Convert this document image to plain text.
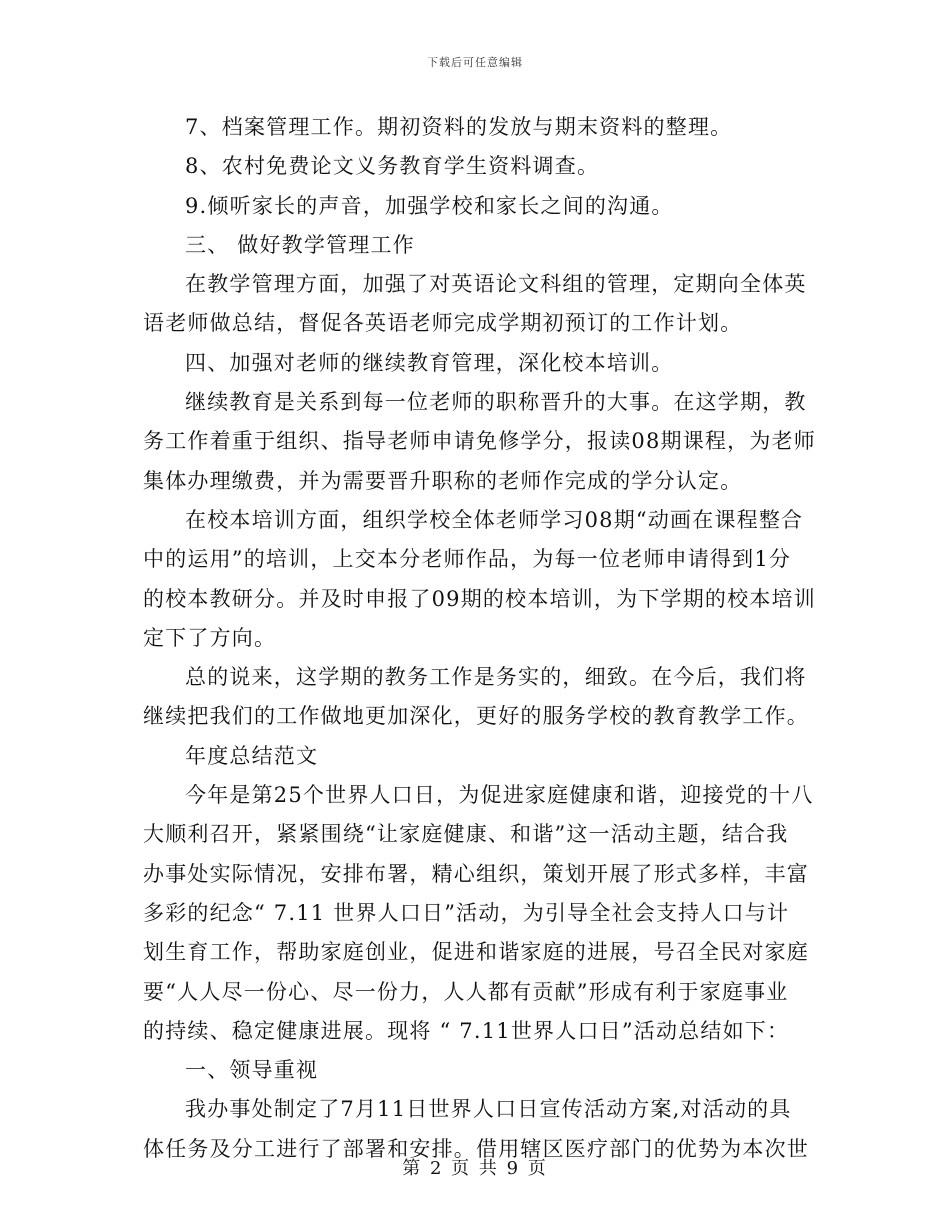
下载后可任意编辑
7、档案管理工作。期初资料的发放与期末资料的整理。
8、农村免费论文义务教育学生资料调查。
9.倾听家长的声音，加强学校和家长之间的沟通。
三、 做好教学管理工作
在教学管理方面，加强了对英语论文科组的管理，定期向全体英
语老师做总结，督促各英语老师完成学期初预订的工作计划。
四、加强对老师的继续教育管理，深化校本培训。
继续教育是关系到每一位老师的职称晋升的大事。在这学期，教
务工作着重于组织、指导老师申请免修学分，报读08期课程，为老师
集体办理缴费，并为需要晋升职称的老师作完成的学分认定。
在校本培训方面，组织学校全体老师学习08期“动画在课程整合
中的运用”的培训，上交本分老师作品，为每一位老师申请得到1分
的校本教研分。并及时申报了09期的校本培训，为下学期的校本培训
定下了方向。
总的说来，这学期的教务工作是务实的，细致。在今后，我们将
继续把我们的工作做地更加深化，更好的服务学校的教育教学工作。
年度总结范文
今年是第25个世界人口日，为促进家庭健康和谐，迎接党的十八
大顺利召开，紧紧围绕“让家庭健康、和谐”这一活动主题，结合我
办事处实际情况，安排布署，精心组织，策划开展了形式多样，丰富
多彩的纪念“ 7.11 世界人口日”活动，为引导全社会支持人口与计
划生育工作，帮助家庭创业，促进和谐家庭的进展，号召全民对家庭
要“人人尽一份心、尽一份力，人人都有贡献”形成有利于家庭事业
的持续、稳定健康进展。现将 “ 7.11世界人口日”活动总结如下：
一、领导重视
我办事处制定了7月11日世界人口日宣传活动方案,对活动的具
体任务及分工进行了部署和安排。借用辖区医疗部门的优势为本次世
第 2 页 共 9 页
